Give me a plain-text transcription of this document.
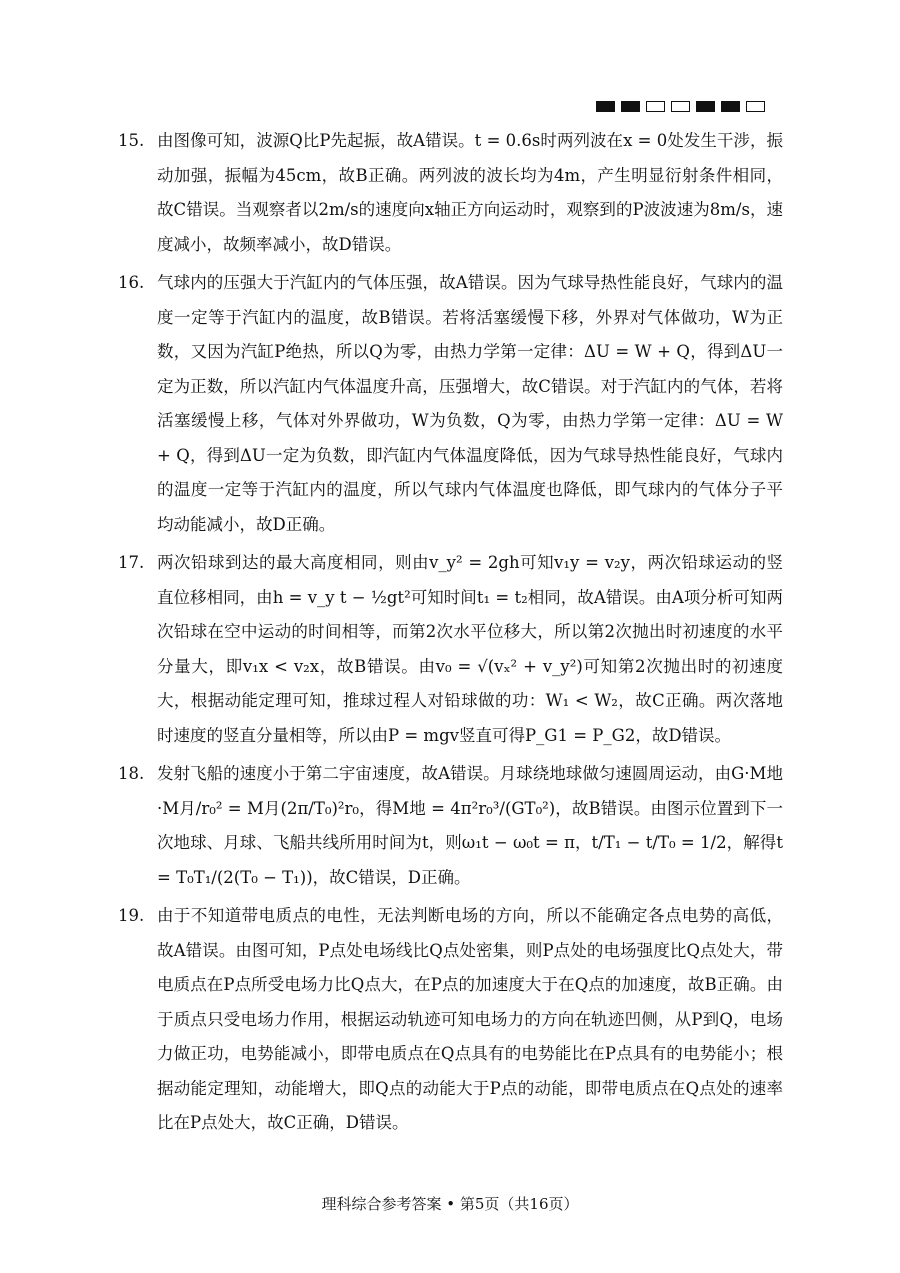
15. 由图像可知，波源Q比P先起振，故A错误。t = 0.6s时两列波在x = 0处发生干涉，振动加强，振幅为45cm，故B正确。两列波的波长均为4m，产生明显衍射条件相同，故C错误。当观察者以2m/s的速度向x轴正方向运动时，观察到的P波波速为8m/s，速度减小，故频率减小，故D错误。
16. 气球内的压强大于汽缸内的气体压强，故A错误。因为气球导热性能良好，气球内的温度一定等于汽缸内的温度，故B错误。若将活塞缓慢下移，外界对气体做功，W为正数，又因为汽缸P绝热，所以Q为零，由热力学第一定律：ΔU = W + Q，得到ΔU一定为正数，所以汽缸内气体温度升高，压强增大，故C错误。对于汽缸内的气体，若将活塞缓慢上移，气体对外界做功，W为负数，Q为零，由热力学第一定律：ΔU = W + Q，得到ΔU一定为负数，即汽缸内气体温度降低，因为气球导热性能良好，气球内的温度一定等于汽缸内的温度，所以气球内气体温度也降低，即气球内的气体分子平均动能减小，故D正确。
17. 两次铅球到达的最大高度相同，则由v_y² = 2gh可知v₁y = v₂y，两次铅球运动的竖直位移相同，由h = v_y t − ½gt²可知时间t₁ = t₂相同，故A错误。由A项分析可知两次铅球在空中运动的时间相等，而第2次水平位移大，所以第2次抛出时初速度的水平分量大，即v₁x < v₂x，故B错误。由v₀ = √(vₓ² + v_y²)可知第2次抛出时的初速度大，根据动能定理可知，推球过程人对铅球做的功：W₁ < W₂，故C正确。两次落地时速度的竖直分量相等，所以由P = mgv竖直可得P_G1 = P_G2，故D错误。
18. 发射飞船的速度小于第二宇宙速度，故A错误。月球绕地球做匀速圆周运动，由G·M地·M月/r₀² = M月(2π/T₀)²r₀，得M地 = 4π²r₀³/(GT₀²)，故B错误。由图示位置到下一次地球、月球、飞船共线所用时间为t，则ω₁t − ω₀t = π，t/T₁ − t/T₀ = 1/2，解得t = T₀T₁/(2(T₀ − T₁))，故C错误，D正确。
19. 由于不知道带电质点的电性，无法判断电场的方向，所以不能确定各点电势的高低，故A错误。由图可知，P点处电场线比Q点处密集，则P点处的电场强度比Q点处大，带电质点在P点所受电场力比Q点大，在P点的加速度大于在Q点的加速度，故B正确。由于质点只受电场力作用，根据运动轨迹可知电场力的方向在轨迹凹侧，从P到Q，电场力做正功，电势能减小，即带电质点在Q点具有的电势能比在P点具有的电势能小；根据动能定理知，动能增大，即Q点的动能大于P点的动能，即带电质点在Q点处的速率比在P点处大，故C正确，D错误。
理科综合参考答案 • 第5页（共16页）
